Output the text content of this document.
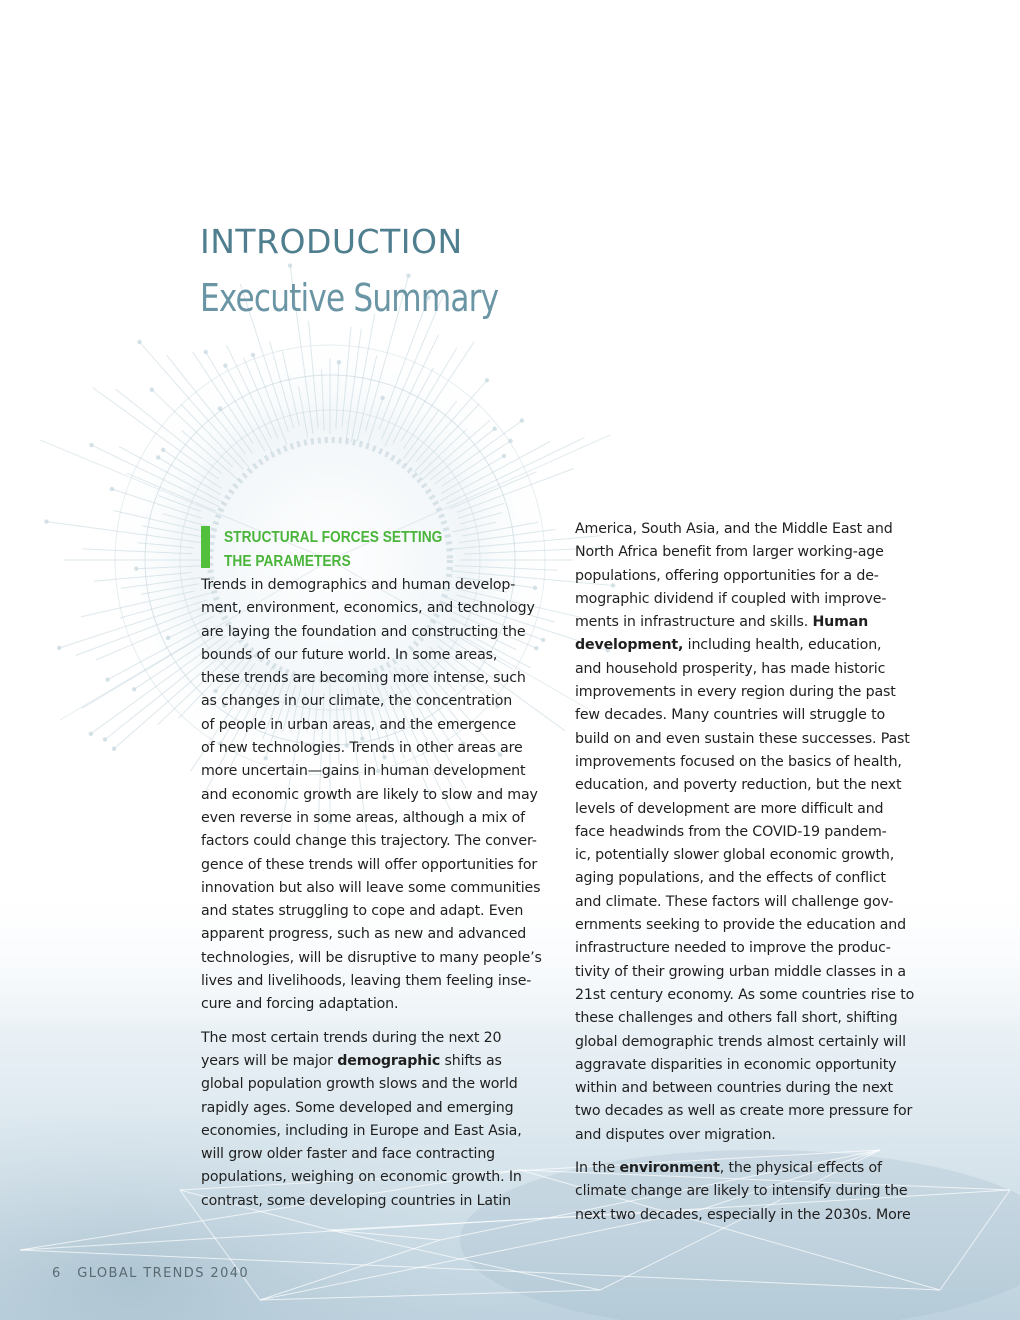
INTRODUCTION
Executive Summary
STRUCTURAL FORCES SETTING
THE PARAMETERS

Trends in demographics and human develop-
ment, environment, economics, and technology
are laying the foundation and constructing the
bounds of our future world. In some areas,
these trends are becoming more intense, such
as changes in our climate, the concentration
of people in urban areas, and the emergence
of new technologies. Trends in other areas are
more uncertain—gains in human development
and economic growth are likely to slow and may
even reverse in some areas, although a mix of
factors could change this trajectory. The conver-
gence of these trends will offer opportunities for
innovation but also will leave some communities
and states struggling to cope and adapt. Even
apparent progress, such as new and advanced
technologies, will be disruptive to many people’s
lives and livelihoods, leaving them feeling inse-
cure and forcing adaptation.

The most certain trends during the next 20
years will be major demographic shifts as
global population growth slows and the world
rapidly ages. Some developed and emerging
economies, including in Europe and East Asia,
will grow older faster and face contracting
populations, weighing on economic growth. In
contrast, some developing countries in Latin

America, South Asia, and the Middle East and
North Africa benefit from larger working-age
populations, offering opportunities for a de-
mographic dividend if coupled with improve-
ments in infrastructure and skills. Human
development, including health, education,
and household prosperity, has made historic
improvements in every region during the past
few decades. Many countries will struggle to
build on and even sustain these successes. Past
improvements focused on the basics of health,
education, and poverty reduction, but the next
levels of development are more difficult and
face headwinds from the COVID-19 pandem-
ic, potentially slower global economic growth,
aging populations, and the effects of conflict
and climate. These factors will challenge gov-
ernments seeking to provide the education and
infrastructure needed to improve the produc-
tivity of their growing urban middle classes in a
21st century economy. As some countries rise to
these challenges and others fall short, shifting
global demographic trends almost certainly will
aggravate disparities in economic opportunity
within and between countries during the next
two decades as well as create more pressure for
and disputes over migration.

In the environment, the physical effects of
climate change are likely to intensify during the
next two decades, especially in the 2030s. More

6 GLOBAL TRENDS 2040
